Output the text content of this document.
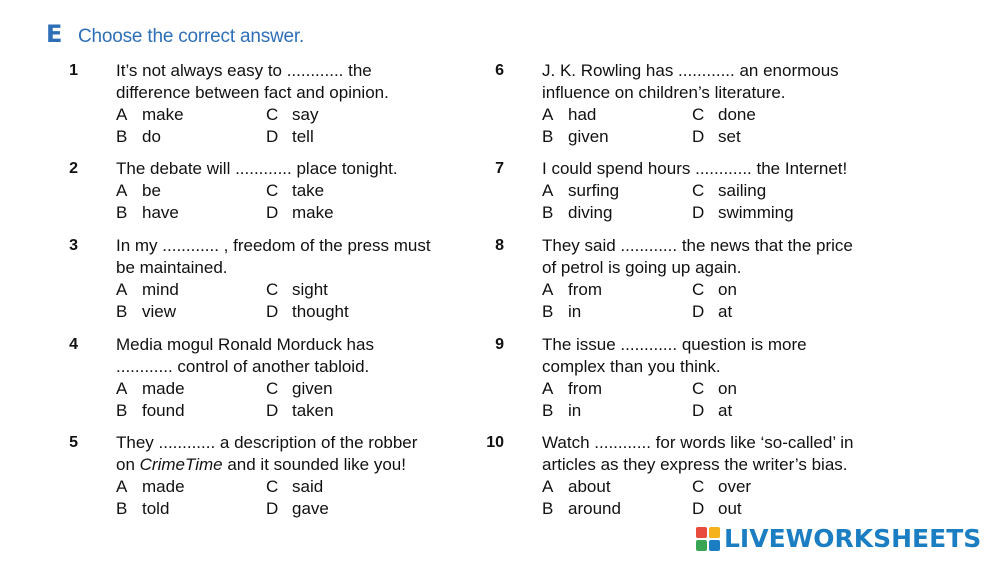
E Choose the correct answer.
1 It’s not always easy to ............ the
difference between fact and opinion.
A make	C say
B do	D tell
2 The debate will ............ place tonight.
A be	C take
B have	D make
3 In my ............ , freedom of the press must
be maintained.
A mind	C sight
B view	D thought
4 Media mogul Ronald Morduck has
............ control of another tabloid.
A made	C given
B found	D taken
5 They ............ a description of the robber
on CrimeTime and it sounded like you!
A made	C said
B told	D gave
6 J. K. Rowling has ............ an enormous
influence on children’s literature.
A had	C done
B given	D set
7 I could spend hours ............ the Internet!
A surfing	C sailing
B diving	D swimming
8 They said ............ the news that the price
of petrol is going up again.
A from	C on
B in	D at
9 The issue ............ question is more
complex than you think.
A from	C on
B in	D at
10 Watch ............ for words like ‘so-called’ in
articles as they express the writer’s bias.
A about	C over
B around	D out
LIVEWORKSHEETS
